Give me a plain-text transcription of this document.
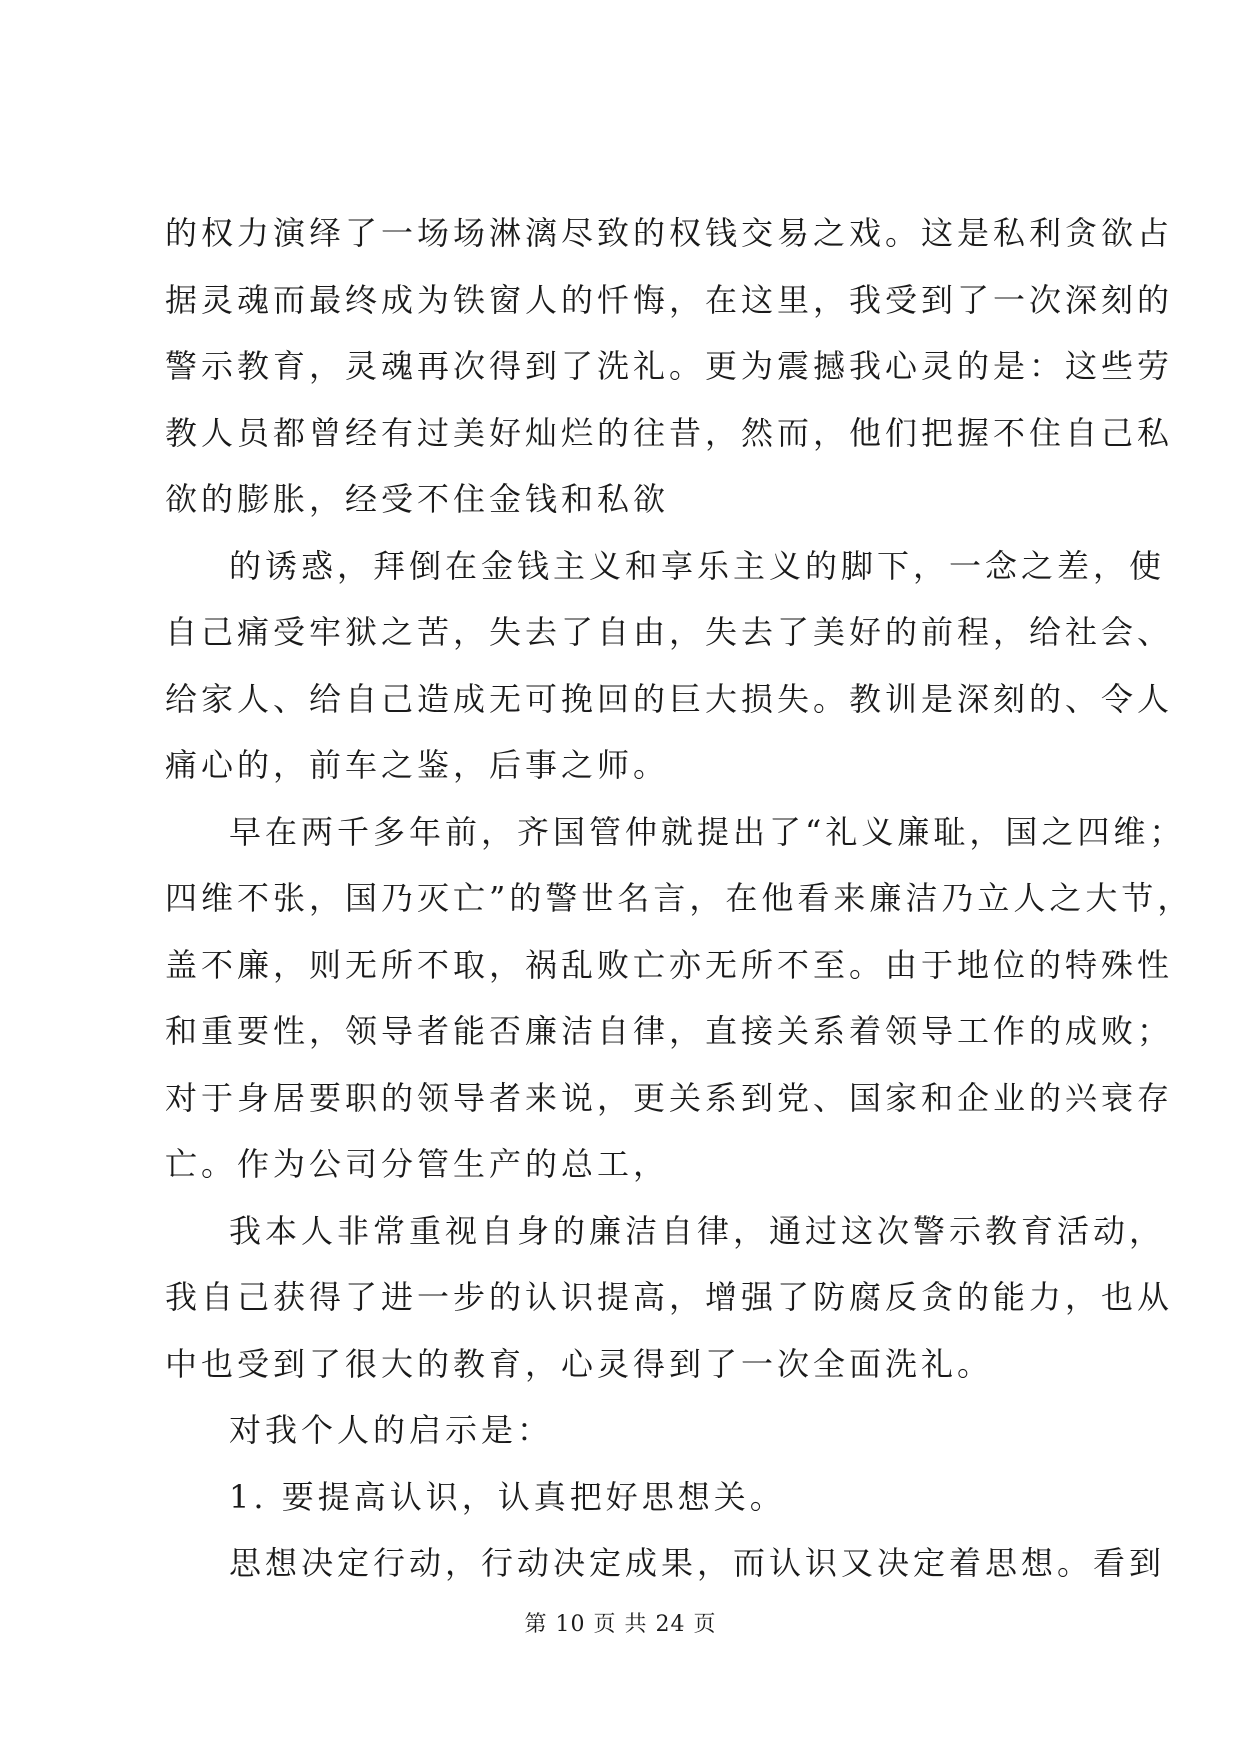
的权力演绎了一场场淋漓尽致的权钱交易之戏。这是私利贪欲占
据灵魂而最终成为铁窗人的忏悔，在这里，我受到了一次深刻的
警示教育，灵魂再次得到了洗礼。更为震撼我心灵的是：这些劳
教人员都曾经有过美好灿烂的往昔，然而，他们把握不住自己私
欲的膨胀，经受不住金钱和私欲
的诱惑，拜倒在金钱主义和享乐主义的脚下，一念之差，使
自己痛受牢狱之苦，失去了自由，失去了美好的前程，给社会、
给家人、给自己造成无可挽回的巨大损失。教训是深刻的、令人
痛心的，前车之鉴，后事之师。
早在两千多年前，齐国管仲就提出了“礼义廉耻，国之四维；
四维不张，国乃灭亡”的警世名言，在他看来廉洁乃立人之大节，
盖不廉，则无所不取，祸乱败亡亦无所不至。由于地位的特殊性
和重要性，领导者能否廉洁自律，直接关系着领导工作的成败；
对于身居要职的领导者来说，更关系到党、国家和企业的兴衰存
亡。作为公司分管生产的总工，
我本人非常重视自身的廉洁自律，通过这次警示教育活动，
我自己获得了进一步的认识提高，增强了防腐反贪的能力，也从
中也受到了很大的教育，心灵得到了一次全面洗礼。
对我个人的启示是：
1. 要提高认识，认真把好思想关。
思想决定行动，行动决定成果，而认识又决定着思想。看到
第 10 页 共 24 页
